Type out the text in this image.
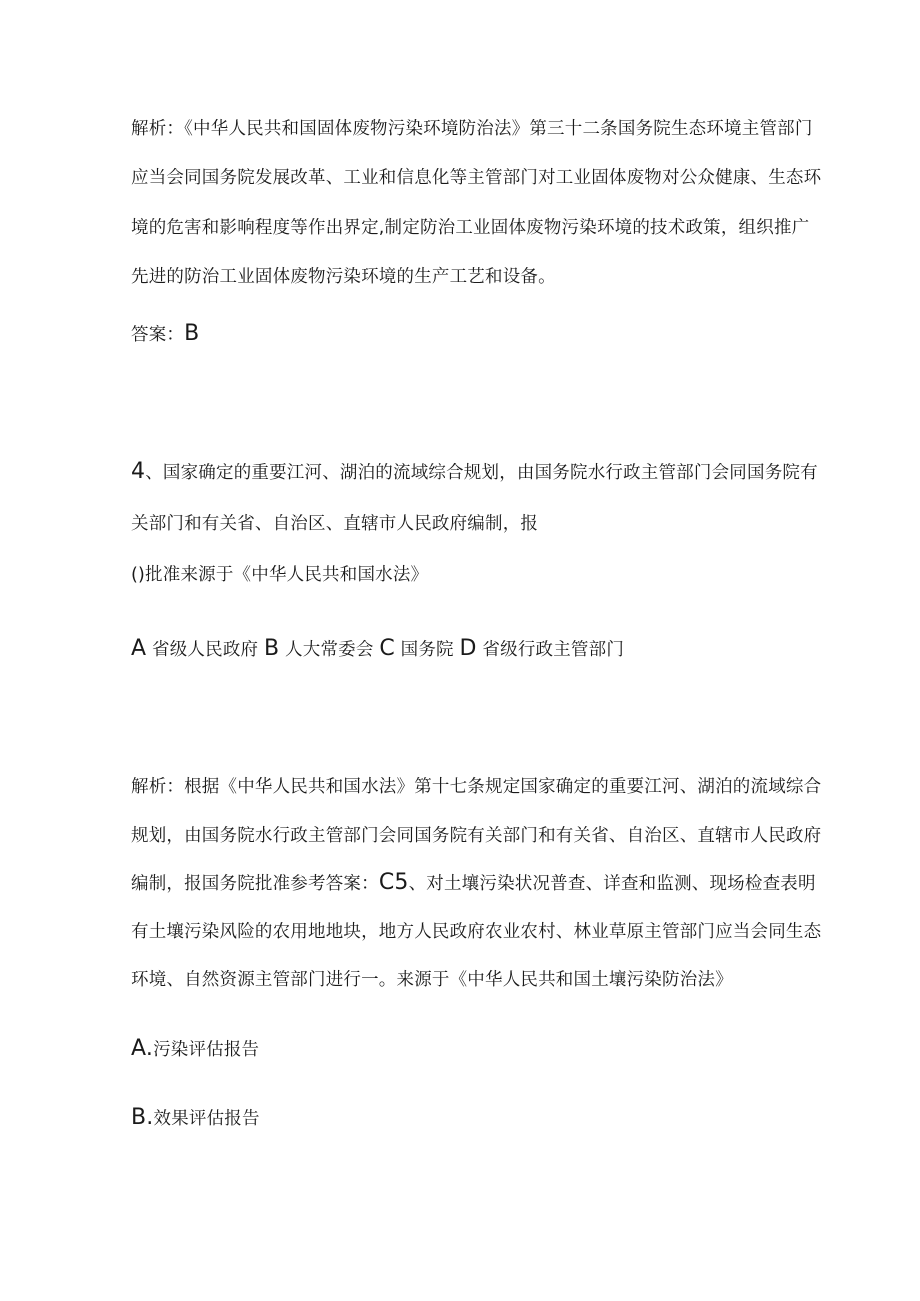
解析：《中华人民共和国固体废物污染环境防治法》第三十二条国务院生态环境主管部门
应当会同国务院发展改革、工业和信息化等主管部门对工业固体废物对公众健康、生态环
境的危害和影响程度等作出界定,制定防治工业固体废物污染环境的技术政策，组织推广
先进的防治工业固体废物污染环境的生产工艺和设备。
答案：B
4、国家确定的重要江河、湖泊的流域综合规划，由国务院水行政主管部门会同国务院有
关部门和有关省、自治区、直辖市人民政府编制，报
()批准来源于《中华人民共和国水法》
A 省级人民政府 B 人大常委会 C 国务院 D 省级行政主管部门
解析：根据《中华人民共和国水法》第十七条规定国家确定的重要江河、湖泊的流域综合
规划，由国务院水行政主管部门会同国务院有关部门和有关省、自治区、直辖市人民政府
编制，报国务院批准参考答案：C5、对土壤污染状况普查、详查和监测、现场检查表明
有土壤污染风险的农用地地块，地方人民政府农业农村、林业草原主管部门应当会同生态
环境、自然资源主管部门进行一。来源于《中华人民共和国土壤污染防治法》
A.污染评估报告
B.效果评估报告
